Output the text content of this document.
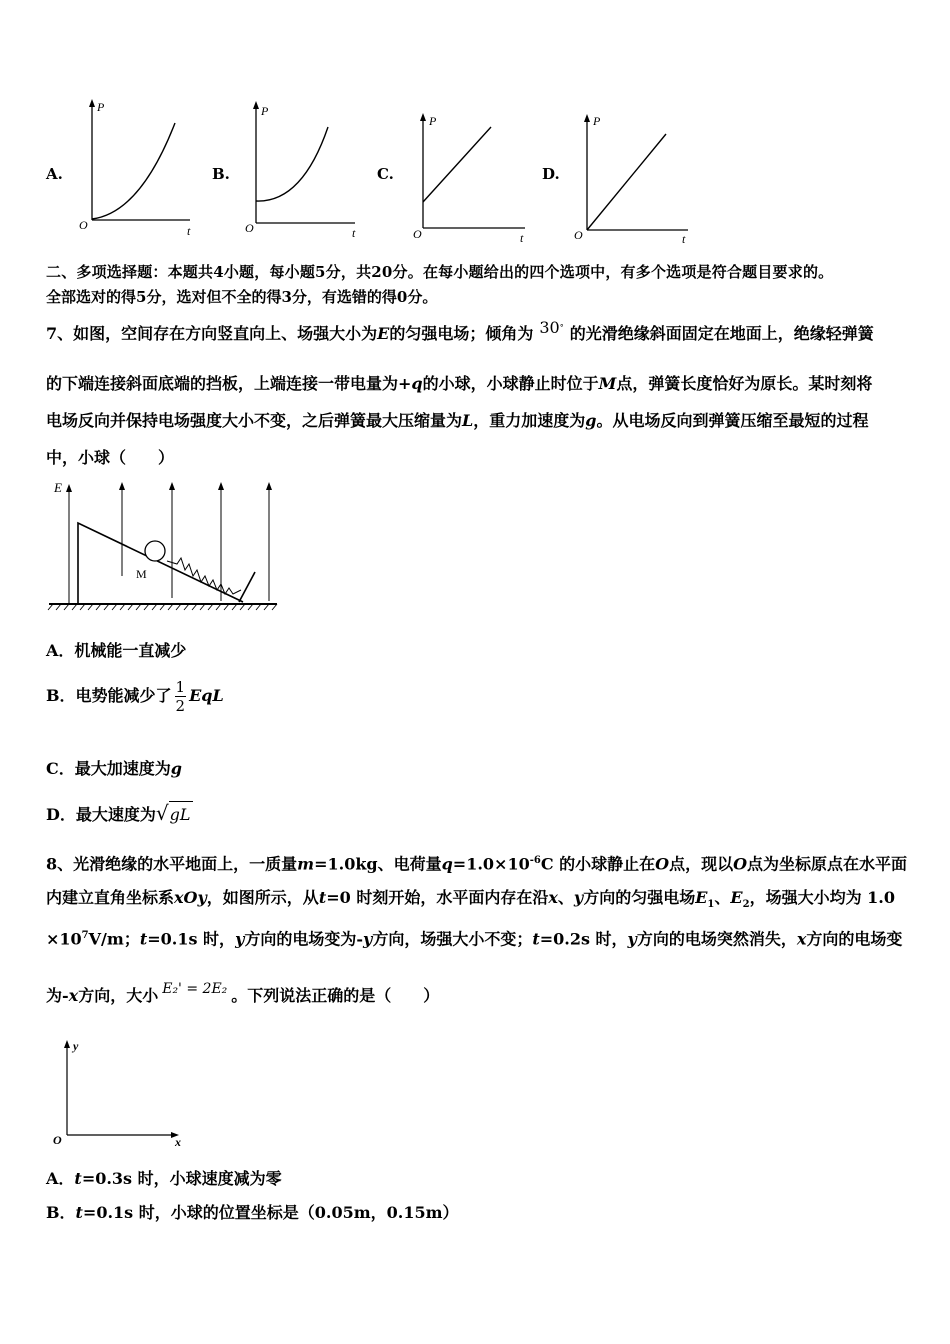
A.	B.	C.	D.
P
t
O
P
t
O
P
t
O
P
t
O
二、多项选择题：本题共4小题，每小题5分，共20分。在每小题给出的四个选项中，有多个选项是符合题目要求的。
全部选对的得5分，选对但不全的得3分，有选错的得0分。
7、如图，空间存在方向竖直向上、场强大小为E的匀强电场；倾角为 30° 的光滑绝缘斜面固定在地面上，绝缘轻弹簧
的下端连接斜面底端的挡板，上端连接一带电量为+q的小球，小球静止时位于M点，弹簧长度恰好为原长。某时刻将
电场反向并保持电场强度大小不变，之后弹簧最大压缩量为L，重力加速度为g。从电场反向到弹簧压缩至最短的过程
中，小球（　　）
E
M
A．机械能一直减少
B．电势能减少了 $\frac{1}{2}$ EqL
C．最大加速度为g
D．最大速度为√gL
8、光滑绝缘的水平地面上，一质量m=1.0kg、电荷量$q=1.0\times 10^{-6}C$ 的小球静止在O点，现以O点为坐标原点在水平面
内建立直角坐标系xOy，如图所示，从t=0 时刻开始，水平面内存在沿x、y方向的匀强电场$E_1$、$E_2$，场强大小均为 1.0
$\times 10^7V/m$；t=0.1s 时，y方向的电场变为-y方向，场强大小不变；t=0.2s 时，y方向的电场突然消失，x方向的电场变
为-x方向，大小 E₂' = 2E₂ 。下列说法正确的是（　　）
y
x
O
A．t=0.3s 时，小球速度减为零
B．t=0.1s 时，小球的位置坐标是（0.05m，0.15m）
